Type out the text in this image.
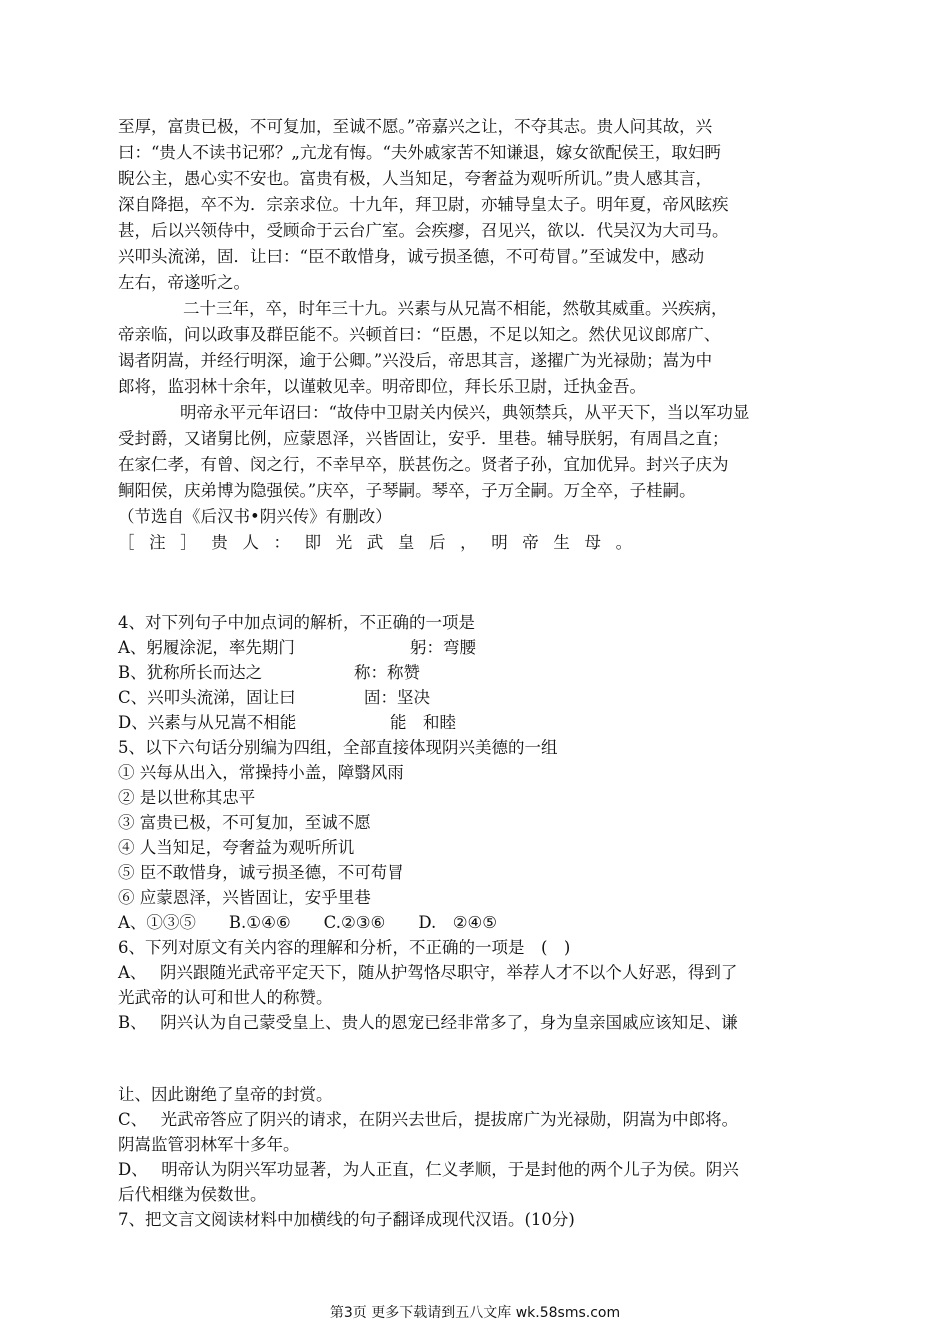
至厚，富贵已极，不可复加，至诚不愿。”帝嘉兴之让，不夺其志。贵人问其故，兴
曰：“贵人不读书记邪？„亢龙有悔。“夫外戚家苦不知谦退，嫁女欲配侯王，取妇眄
睨公主，愚心实不安也。富贵有极，人当知足，夸奢益为观听所讥。”贵人感其言，
深自降挹，卒不为．宗亲求位。十九年，拜卫尉，亦辅导皇太子。明年夏，帝风眩疾
甚，后以兴领侍中，受顾命于云台广室。会疾瘳，召见兴，欲以．代吴汉为大司马。
兴叩头流涕，固．让曰：“臣不敢惜身，诚亏损圣德，不可苟冒。”至诚发中，感动
左右，帝遂听之。
二十三年，卒，时年三十九。兴素与从兄嵩不相能，然敬其威重。兴疾病，
帝亲临，问以政事及群臣能不。兴顿首曰：“臣愚，不足以知之。然伏见议郎席广、
谒者阴嵩，并经行明深，逾于公卿。”兴没后，帝思其言，遂擢广为光禄勋；嵩为中
郎将，监羽林十余年，以谨敕见幸。明帝即位，拜长乐卫尉，迁执金吾。
明帝永平元年诏曰：“故侍中卫尉关内侯兴，典领禁兵，从平天下，当以军功显
受封爵，又诸舅比例，应蒙恩泽，兴皆固让，安乎．里巷。辅导朕躬，有周昌之直；
在家仁孝，有曾、闵之行，不幸早卒，朕甚伤之。贤者子孙，宜加优异。封兴子庆为
鲖阳侯，庆弟博为隐强侯。”庆卒，子琴嗣。琴卒，子万全嗣。万全卒，子桂嗣。
（节选自《后汉书•阴兴传》有删改）
［注］贵人：即光武皇后，明帝生母。
4、对下列句子中加点词的解析，不正确的一项是
A、躬履涂泥，率先期门	躬：弯腰
B、犹称所长而达之	称：称赞
C、兴叩头流涕，固让曰	固：坚决
D、兴素与从兄嵩不相能	能　和睦
5、以下六句话分别编为四组，全部直接体现阴兴美德的一组
① 兴每从出入，常操持小盖，障翳风雨
② 是以世称其忠平
③ 富贵已极，不可复加，至诚不愿
④ 人当知足，夸奢益为观听所讥
⑤ 臣不敢惜身，诚亏损圣德，不可苟冒
⑥ 应蒙恩泽，兴皆固让，安乎里巷
A、①③⑤　　B.①④⑥　　C.②③⑥　　D.　②④⑤
6、下列对原文有关内容的理解和分析，不正确的一项是　(　)
A、　 阴兴跟随光武帝平定天下，随从护驾恪尽职守，举荐人才不以个人好恶，得到了
光武帝的认可和世人的称赞。
B、　 阴兴认为自己蒙受皇上、贵人的恩宠已经非常多了，身为皇亲国戚应该知足、谦
让、因此谢绝了皇帝的封赏。
C、　 光武帝答应了阴兴的请求，在阴兴去世后，提拔席广为光禄勋，阴嵩为中郎将。
阴嵩监管羽林军十多年。
D、　 明帝认为阴兴军功显著，为人正直，仁义孝顺，于是封他的两个儿子为侯。阴兴
后代相继为侯数世。
7、把文言文阅读材料中加横线的句子翻译成现代汉语。(10分)
第3页 更多下载请到五八文库 wk.58sms.com
